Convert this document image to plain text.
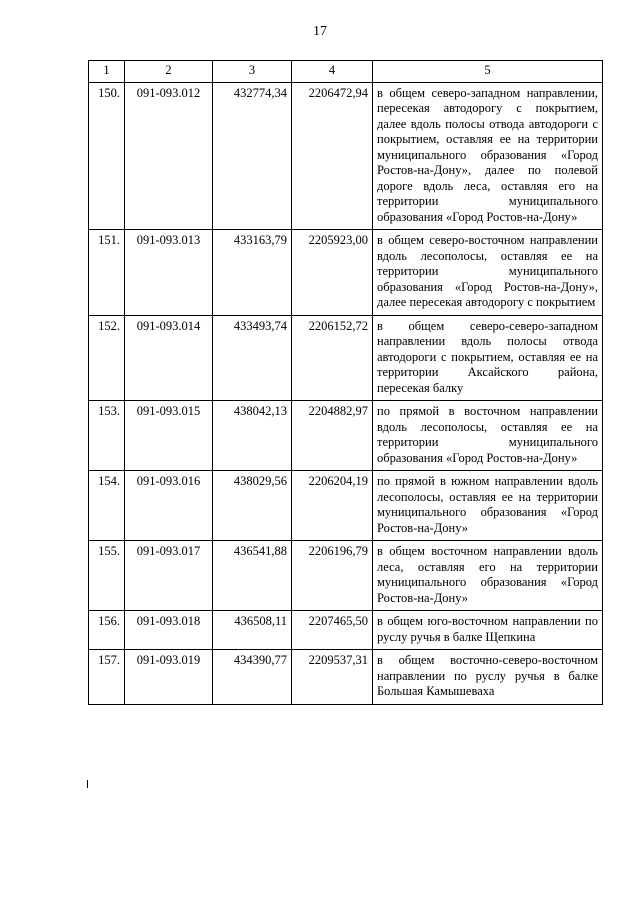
17
1	2	3	4	5
150.	091-093.012	432774,34	2206472,94	в общем северо-западном направлении, пересекая автодорогу с покрытием, далее вдоль полосы отвода автодороги с покрытием, оставляя ее на территории муниципального образования «Город Ростов-на-Дону», далее по полевой дороге вдоль леса, оставляя его на территории муниципального образования «Город Ростов-на-Дону»
151.	091-093.013	433163,79	2205923,00	в общем северо-восточном направлении вдоль лесополосы, оставляя ее на территории муниципального образования «Город Ростов-на-Дону», далее пересекая автодорогу с покрытием
152.	091-093.014	433493,74	2206152,72	в общем северо-северо-западном направлении вдоль полосы отвода автодороги с покрытием, оставляя ее на территории Аксайского района, пересекая балку
153.	091-093.015	438042,13	2204882,97	по прямой в восточном направлении вдоль лесополосы, оставляя ее на территории муниципального образования «Город Ростов-на-Дону»
154.	091-093.016	438029,56	2206204,19	по прямой в южном направлении вдоль лесополосы, оставляя ее на территории муниципального образования «Город Ростов-на-Дону»
155.	091-093.017	436541,88	2206196,79	в общем восточном направлении вдоль леса, оставляя его на территории муниципального образования «Город Ростов-на-Дону»
156.	091-093.018	436508,11	2207465,50	в общем юго-восточном направлении по руслу ручья в балке Щепкина
157.	091-093.019	434390,77	2209537,31	в общем восточно-северо-восточном направлении по руслу ручья в балке Большая Камышеваха
